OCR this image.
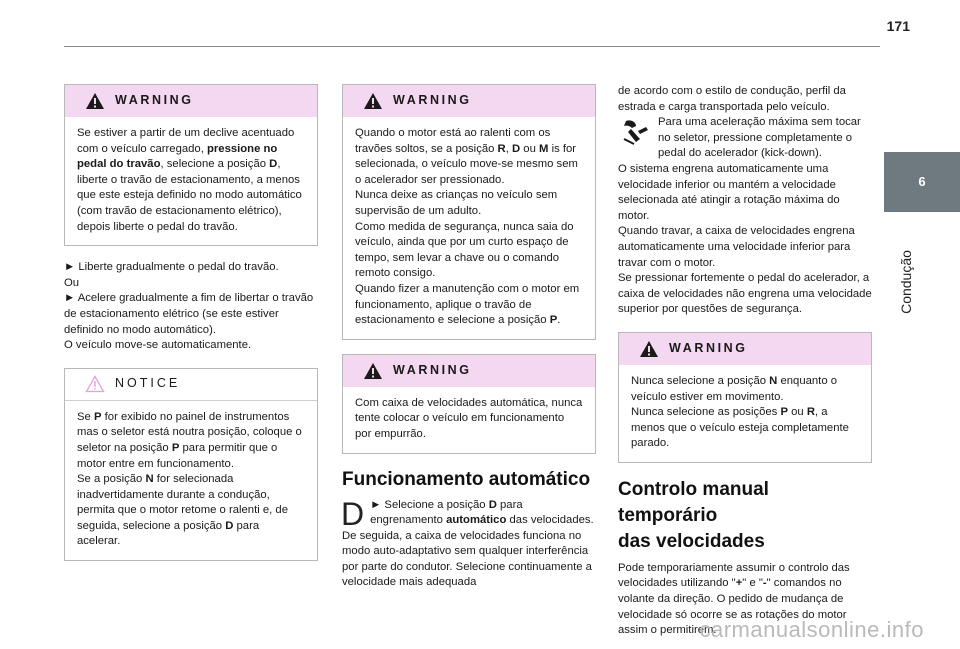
171
6
Condução
WARNING
Se estiver a partir de um declive acentuado com o veículo carregado, pressione no pedal do travão, selecione a posição D, liberte o travão de estacionamento, a menos que este esteja definido no modo automático (com travão de estacionamento elétrico), depois liberte o pedal do travão.
► Liberte gradualmente o pedal do travão.
Ou
► Acelere gradualmente a fim de libertar o travão de estacionamento elétrico (se este estiver definido no modo automático).
O veículo move-se automaticamente.
NOTICE
Se P for exibido no painel de instrumentos mas o seletor está noutra posição, coloque o seletor na posição P para permitir que o motor entre em funcionamento.
Se a posição N for selecionada inadvertidamente durante a condução, permita que o motor retome o ralenti e, de seguida, selecione a posição D para acelerar.
WARNING
Quando o motor está ao ralenti com os travões soltos, se a posição R, D ou M is for selecionada, o veículo move-se mesmo sem o acelerador ser pressionado.
Nunca deixe as crianças no veículo sem supervisão de um adulto.
Como medida de segurança, nunca saia do veículo, ainda que por um curto espaço de tempo, sem levar a chave ou o comando remoto consigo.
Quando fizer a manutenção com o motor em funcionamento, aplique o travão de estacionamento e selecione a posição P.
WARNING
Com caixa de velocidades automática, nunca tente colocar o veículo em funcionamento por empurrão.
Funcionamento automático
D ► Selecione a posição D para engrenamento automático das velocidades.
De seguida, a caixa de velocidades funciona no modo auto-adaptativo sem qualquer interferência por parte do condutor. Selecione continuamente a velocidade mais adequada
de acordo com o estilo de condução, perfil da estrada e carga transportada pelo veículo.
Para uma aceleração máxima sem tocar no seletor, pressione completamente o pedal do acelerador (kick-down).
O sistema engrena automaticamente uma velocidade inferior ou mantém a velocidade selecionada até atingir a rotação máxima do motor.
Quando travar, a caixa de velocidades engrena automaticamente uma velocidade inferior para travar com o motor.
Se pressionar fortemente o pedal do acelerador, a caixa de velocidades não engrena uma velocidade superior por questões de segurança.
WARNING
Nunca selecione a posição N enquanto o veículo estiver em movimento.
Nunca selecione as posições P ou R, a menos que o veículo esteja completamente parado.
Controlo manual temporário
das velocidades
Pode temporariamente assumir o controlo das velocidades utilizando "+" e "-" comandos no volante da direção. O pedido de mudança de velocidade só ocorre se as rotações do motor assim o permitirem.
carmanualsonline.info
